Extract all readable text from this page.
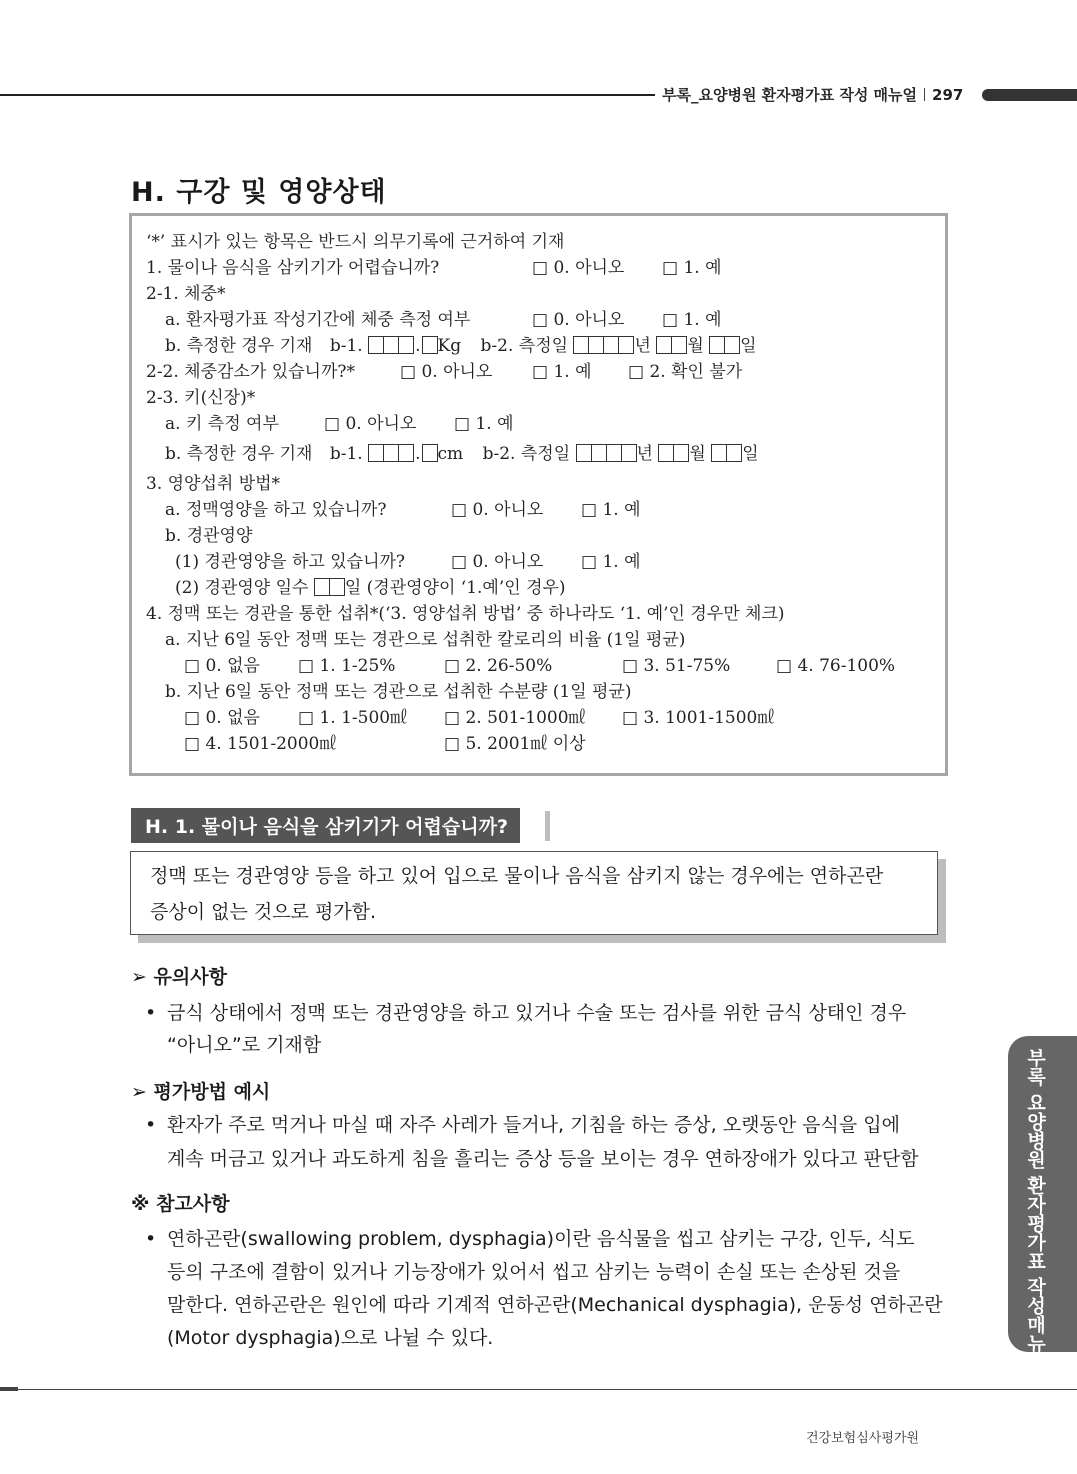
부록_요양병원 환자평가표 작성 매뉴얼 297
H. 구강 및 영양상태
‘*’ 표시가 있는 항목은 반드시 의무기록에 근거하여 기재
1. 물이나 음식을 삼키기가 어렵습니까? □	0. 아니오 □	1. 예
2-1. 체중*
a. 환자평가표 작성기간에 체중 측정 여부 □	0. 아니오 □	1. 예
b. 측정한 경우 기재 b-1.	. Kg b-2. 측정일	년 월 일
2-2. 체중감소가 있습니까?* □	0. 아니오 □	1. 예 □	2. 확인 불가
2-3. 키(신장)*
a. 키 측정 여부 □	0. 아니오 □	1. 예
b. 측정한 경우 기재 b-1.	. cm b-2. 측정일	년 월 일
3. 영양섭취 방법*
a. 정맥영양을 하고 있습니까? □	0. 아니오 □	1. 예
b. 경관영양
(1) 경관영양을 하고 있습니까? □	0. 아니오 □	1. 예
(2) 경관영양 일수 일 (경관영양이 ‘1.예’인 경우)
4. 정맥 또는 경관을 통한 섭취*(‘3. 영양섭취 방법’ 중 하나라도 ‘1. 예’인 경우만 체크)
a. 지난 6일 동안 정맥 또는 경관으로 섭취한 칼로리의 비율 (1일 평균)
□ 0. 없음 □	1. 1-25% □	2. 26-50% □	3. 51-75% □	4. 76-100%
b. 지난 6일 동안 정맥 또는 경관으로 섭취한 수분량 (1일 평균)
□ 0. 없음 □	1. 1-500㎖ □	2. 501-1000㎖ □	3. 1001-1500㎖
□ 4. 1501-2000㎖ □	5. 2001㎖ 이상
H. 1. 물이나 음식을 삼키기가 어렵습니까?

정맥 또는 경관영양 등을 하고 있어 입으로 물이나 음식을 삼키지 않는 경우에는 연하곤란

증상이 없는 것으로 평가함.

➢ 유의사항
• 금식 상태에서 정맥 또는 경관영양을 하고 있거나 수술 또는 검사를 위한 금식 상태인 경우
“아니오”로 기재함
➢ 평가방법 예시
• 환자가 주로 먹거나 마실 때 자주 사레가 들거나, 기침을 하는 증상, 오랫동안 음식을 입에
계속 머금고 있거나 과도하게 침을 흘리는 증상 등을 보이는 경우 연하장애가 있다고 판단함
※ 참고사항
• 연하곤란(swallowing problem, dysphagia)이란 음식물을 씹고 삼키는 구강, 인두, 식도
등의 구조에 결함이 있거나 기능장애가 있어서 씹고 삼키는 능력이 손실 또는 손상된 것을
말한다. 연하곤란은 원인에 따라 기계적 연하곤란(Mechanical dysphagia), 운동성 연하곤란
(Motor dysphagia)으로 나뉠 수 있다.	부록 요양병원 환자평가표 작성매뉴얼
건강보험심사평가원
